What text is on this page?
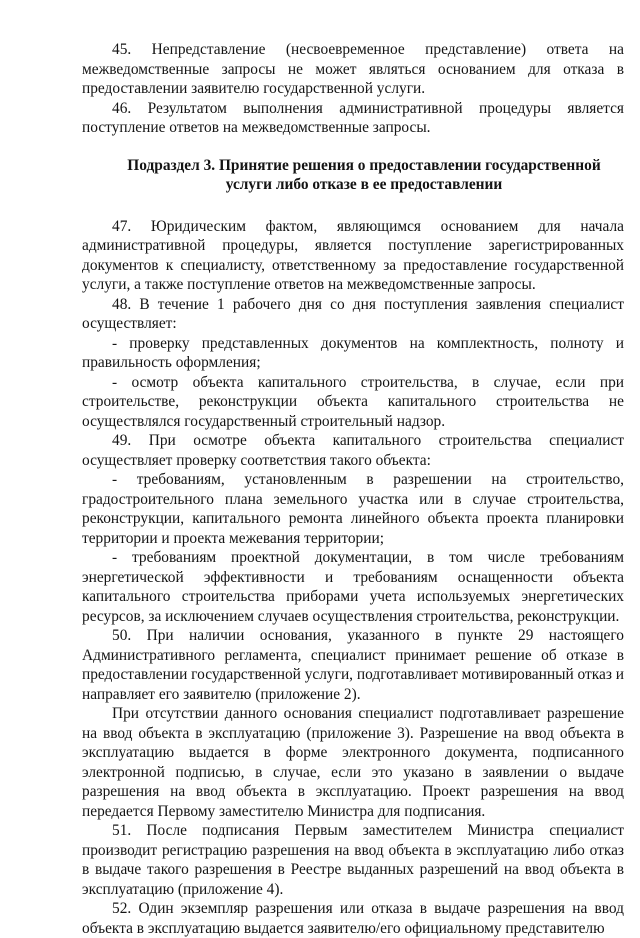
45. Непредставление (несвоевременное представление) ответа на межведомственные запросы не может являться основанием для отказа в предоставлении заявителю государственной услуги.

46. Результатом выполнения административной процедуры является поступление ответов на межведомственные запросы.

Подраздел 3. Принятие решения о предоставлении государственной услуги либо отказе в ее предоставлении

47. Юридическим фактом, являющимся основанием для начала административной процедуры, является поступление зарегистрированных документов к специалисту, ответственному за предоставление государственной услуги, а также поступление ответов на межведомственные запросы.

48. В течение 1 рабочего дня со дня поступления заявления специалист осуществляет:

- проверку представленных документов на комплектность, полноту и правильность оформления;

- осмотр объекта капитального строительства, в случае, если при строительстве, реконструкции объекта капитального строительства не осуществлялся государственный строительный надзор.

49. При осмотре объекта капитального строительства специалист осуществляет проверку соответствия такого объекта:

- требованиям, установленным в разрешении на строительство, градостроительного плана земельного участка или в случае строительства, реконструкции, капитального ремонта линейного объекта проекта планировки территории и проекта межевания территории;

- требованиям проектной документации, в том числе требованиям энергетической эффективности и требованиям оснащенности объекта капитального строительства приборами учета используемых энергетических ресурсов, за исключением случаев осуществления строительства, реконструкции.

50. При наличии основания, указанного в пункте 29 настоящего Административного регламента, специалист принимает решение об отказе в предоставлении государственной услуги, подготавливает мотивированный отказ и направляет его заявителю (приложение 2).

При отсутствии данного основания специалист подготавливает разрешение на ввод объекта в эксплуатацию (приложение 3). Разрешение на ввод объекта в эксплуатацию выдается в форме электронного документа, подписанного электронной подписью, в случае, если это указано в заявлении о выдаче разрешения на ввод объекта в эксплуатацию. Проект разрешения на ввод передается Первому заместителю Министра для подписания.

51. После подписания Первым заместителем Министра специалист производит регистрацию разрешения на ввод объекта в эксплуатацию либо отказ в выдаче такого разрешения в Реестре выданных разрешений на ввод объекта в эксплуатацию (приложение 4).

52. Один экземпляр разрешения или отказа в выдаче разрешения на ввод объекта в эксплуатацию выдается заявителю/его официальному представителю
